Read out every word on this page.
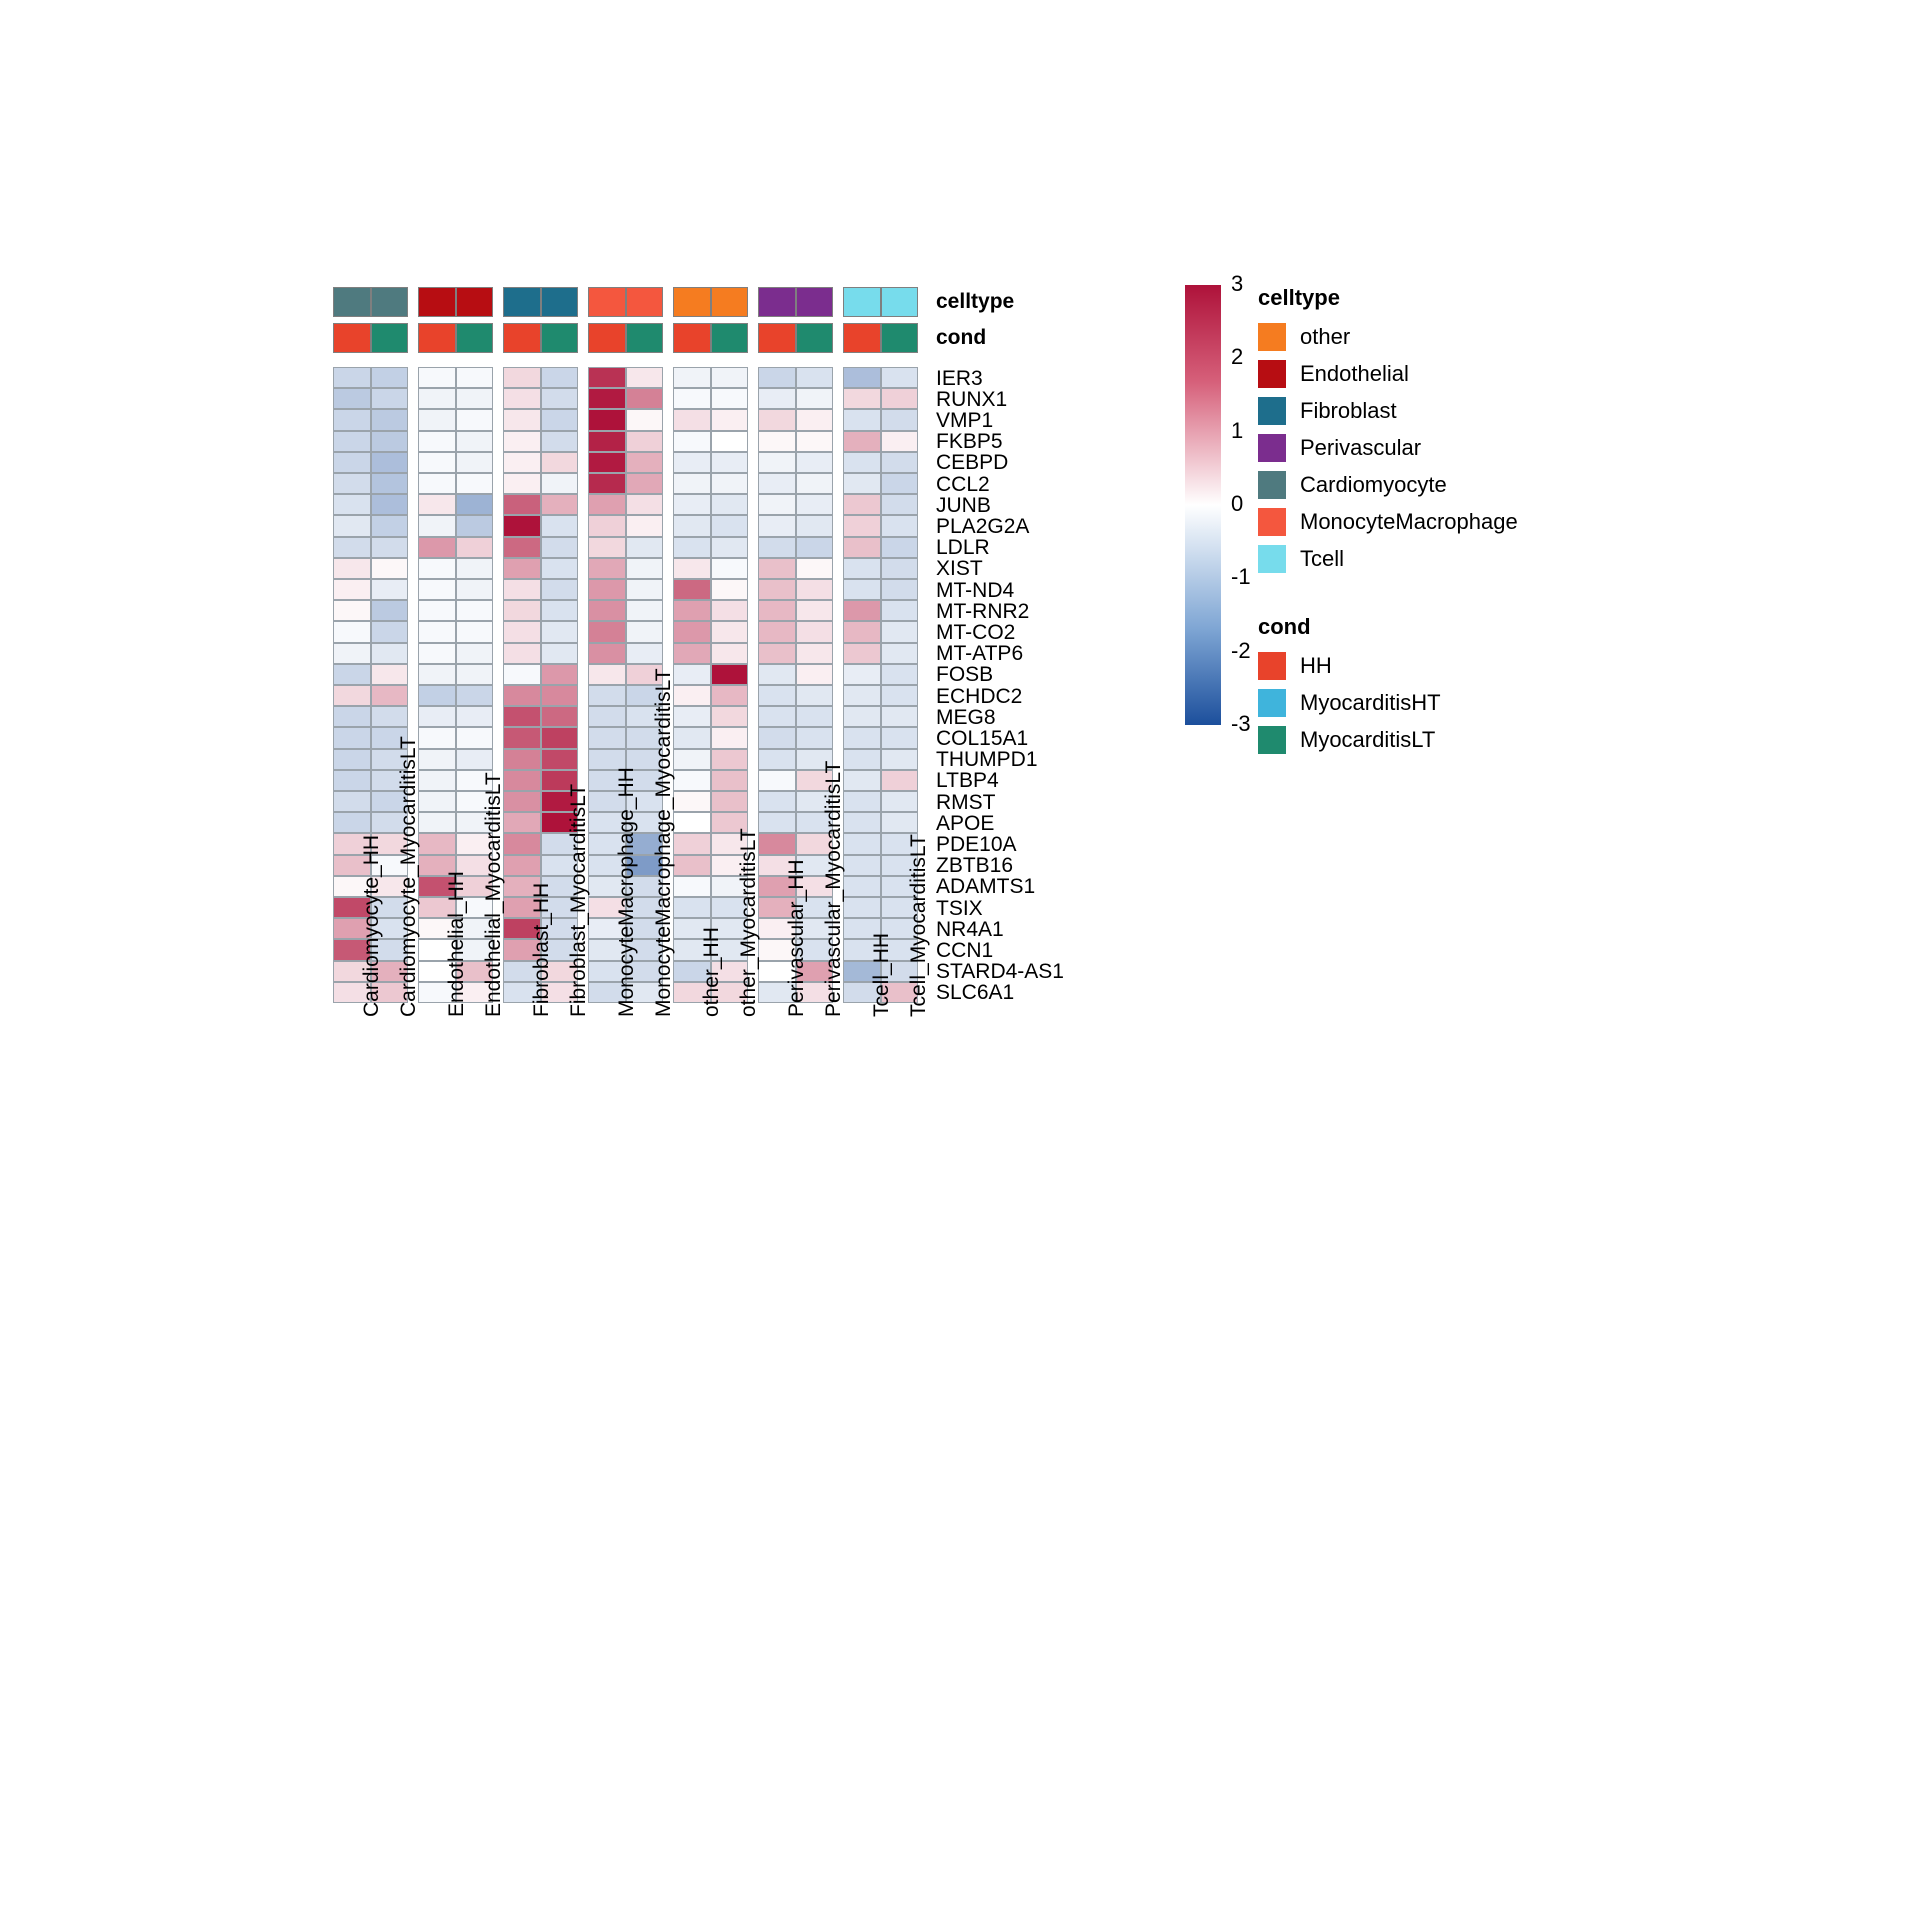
celltype
cond
IER3
RUNX1
VMP1
FKBP5
CEBPD
CCL2
JUNB
PLA2G2A
LDLR
XIST
MT-ND4
MT-RNR2
MT-CO2
MT-ATP6
FOSB
ECHDC2
MEG8
COL15A1
THUMPD1
LTBP4
RMST
APOE
PDE10A
ZBTB16
ADAMTS1
TSIX
NR4A1
CCN1
STARD4-AS1
SLC6A1
Cardiomyocyte_HH Cardiomyocyte_MyocarditisLT Endothelial_HH Endothelial_MyocarditisLT Fibroblast_HH Fibroblast_MyocarditisLT MonocyteMacrophage_HH MonocyteMacrophage_MyocarditisLT other_HH other_MyocarditisLT Perivascular_HH Perivascular_MyocarditisLT Tcell_HH Tcell_MyocarditisLT
3
2
1
0
-1
-2
-3
celltype
other
Endothelial
Fibroblast
Perivascular
Cardiomyocyte
MonocyteMacrophage
Tcell
cond
HH
MyocarditisHT
MyocarditisLT
